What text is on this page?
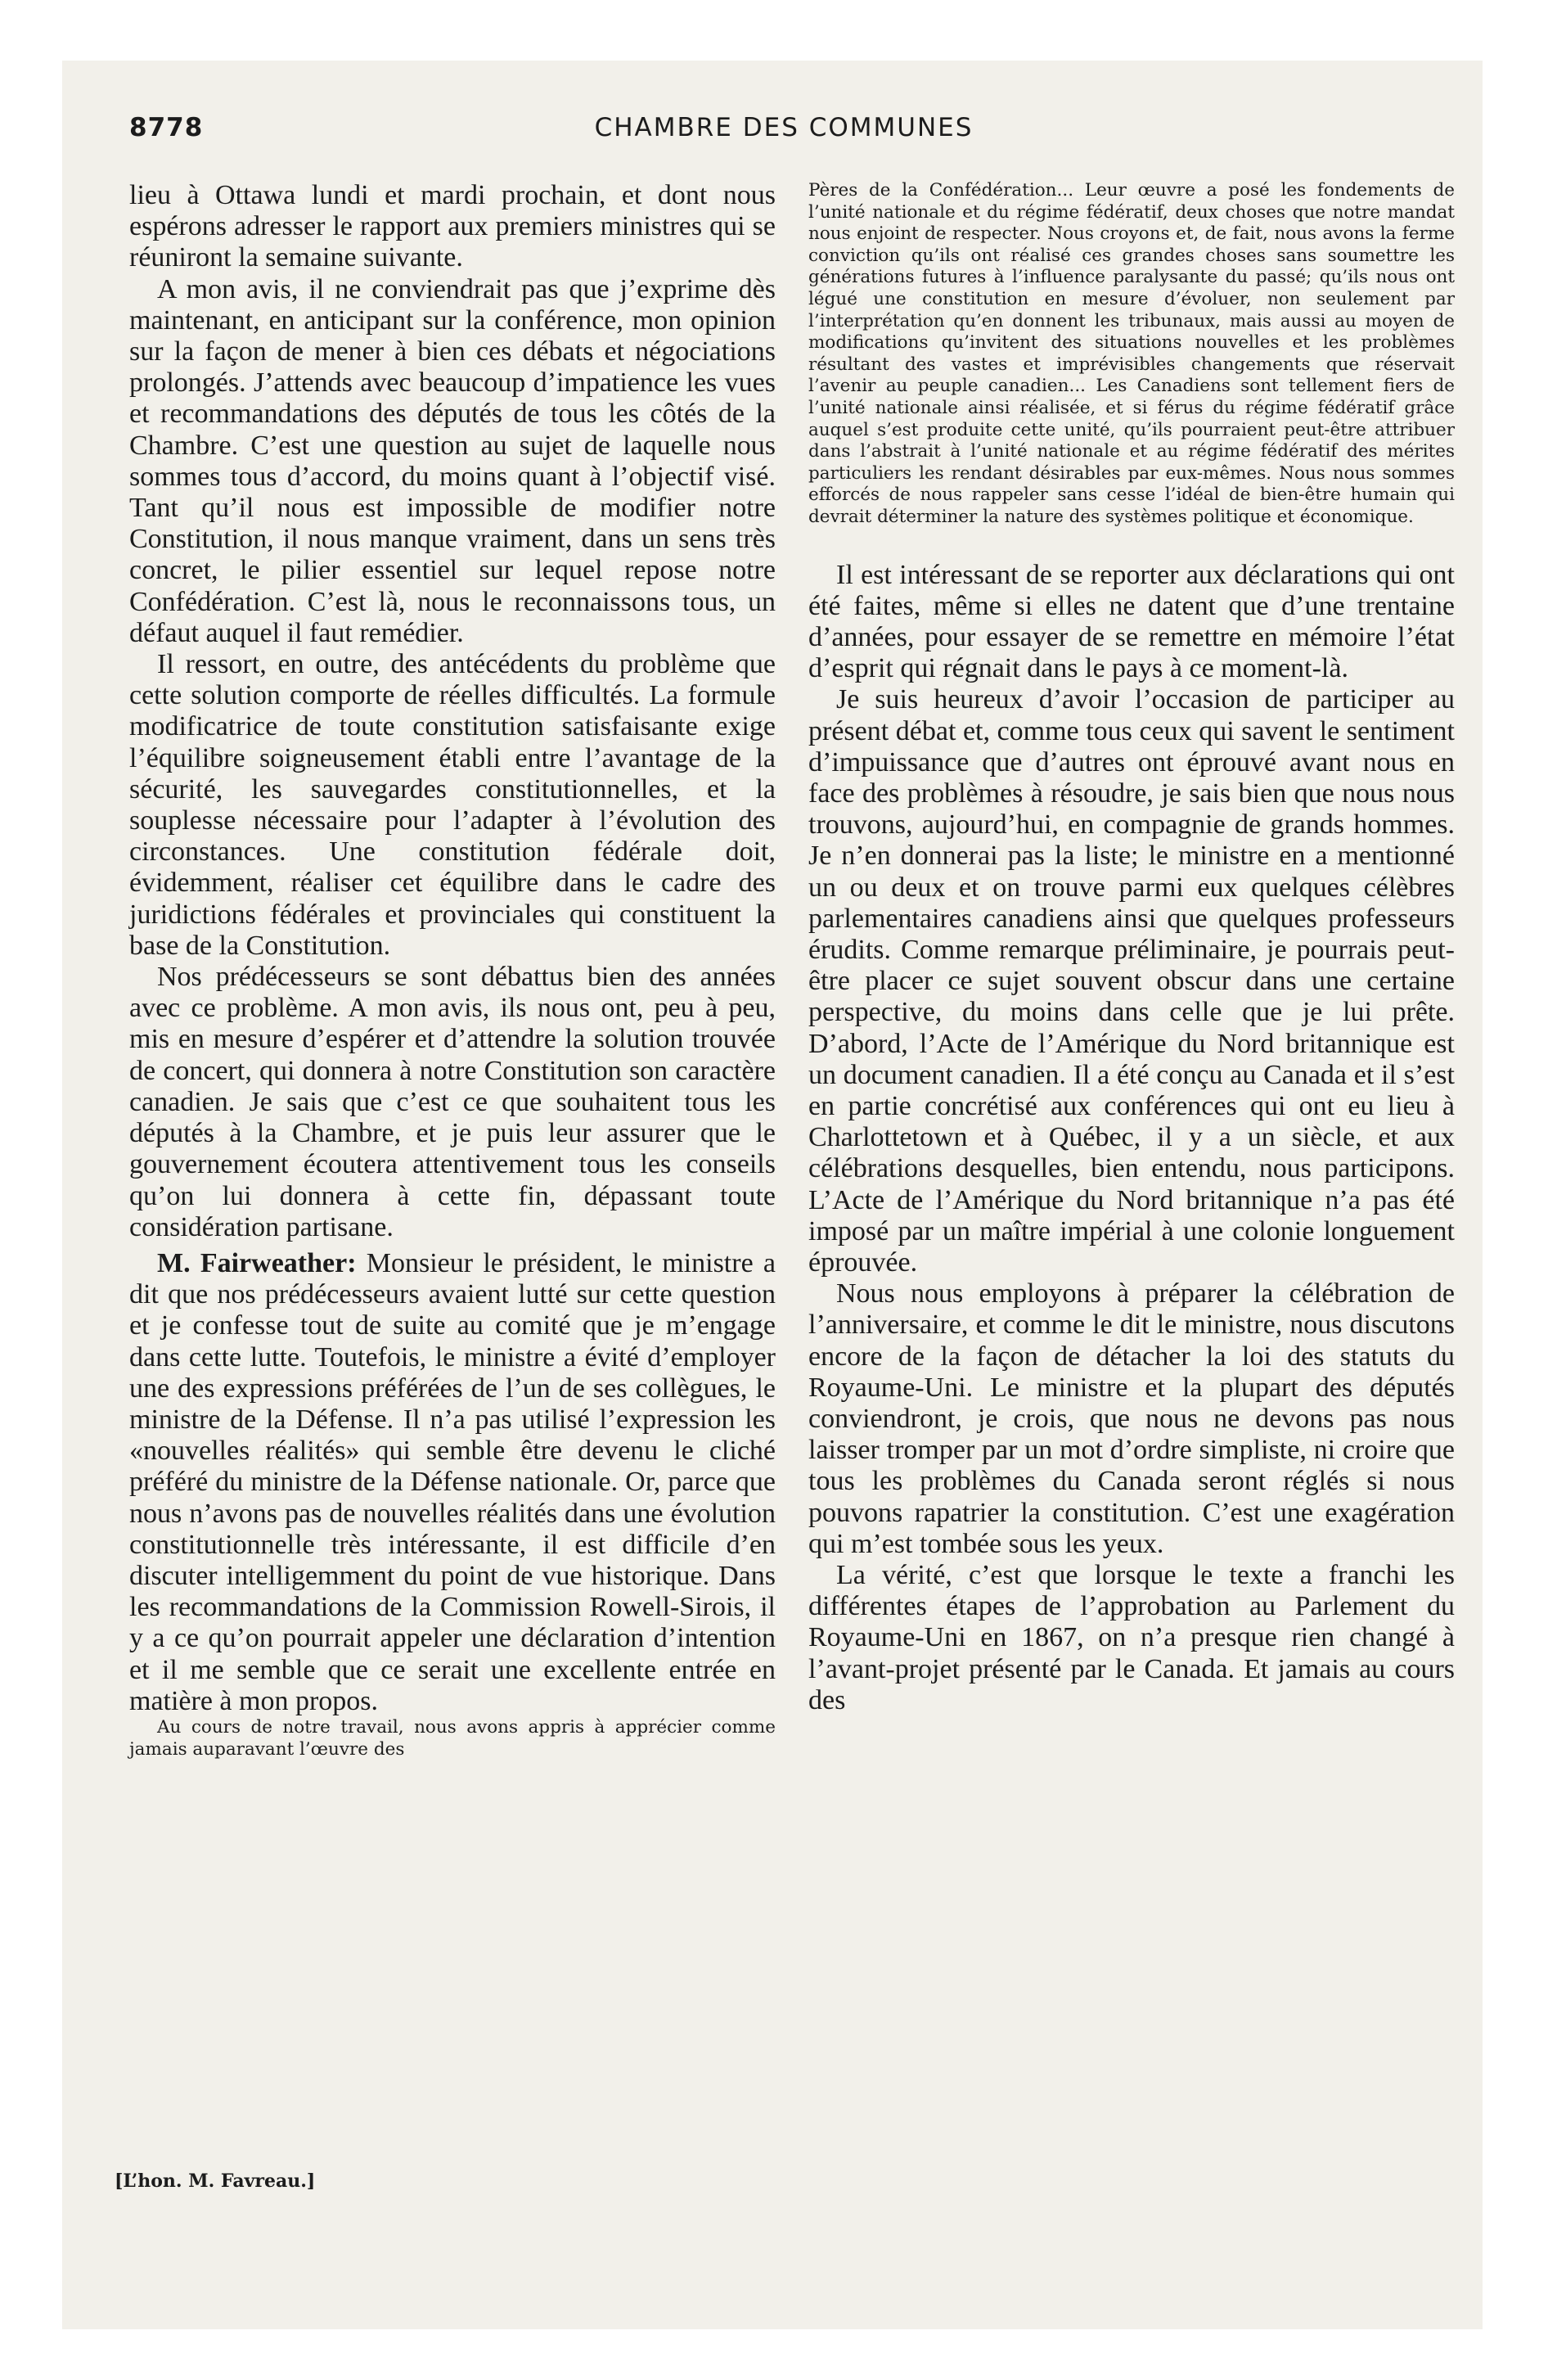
8778	CHAMBRE DES COMMUNES

lieu à Ottawa lundi et mardi prochain, et dont nous espérons adresser le rapport aux premiers ministres qui se réuniront la semaine suivante.

A mon avis, il ne conviendrait pas que j’exprime dès maintenant, en anticipant sur la conférence, mon opinion sur la façon de mener à bien ces débats et négociations prolongés. J’attends avec beaucoup d’impatience les vues et recommandations des députés de tous les côtés de la Chambre. C’est une question au sujet de laquelle nous sommes tous d’accord, du moins quant à l’objectif visé. Tant qu’il nous est impossible de modifier notre Constitution, il nous manque vraiment, dans un sens très concret, le pilier essentiel sur lequel repose notre Confédération. C’est là, nous le reconnaissons tous, un défaut auquel il faut remédier.

Il ressort, en outre, des antécédents du problème que cette solution comporte de réelles difficultés. La formule modificatrice de toute constitution satisfaisante exige l’équilibre soigneusement établi entre l’avantage de la sécurité, les sauvegardes constitutionnelles, et la souplesse nécessaire pour l’adapter à l’évolution des circonstances. Une constitution fédérale doit, évidemment, réaliser cet équilibre dans le cadre des juridictions fédérales et provinciales qui constituent la base de la Constitution.

Nos prédécesseurs se sont débattus bien des années avec ce problème. A mon avis, ils nous ont, peu à peu, mis en mesure d’espérer et d’attendre la solution trouvée de concert, qui donnera à notre Constitution son caractère canadien. Je sais que c’est ce que souhaitent tous les députés à la Chambre, et je puis leur assurer que le gouvernement écoutera attentivement tous les conseils qu’on lui donnera à cette fin, dépassant toute considération partisane.

M. Fairweather: Monsieur le président, le ministre a dit que nos prédécesseurs avaient lutté sur cette question et je confesse tout de suite au comité que je m’engage dans cette lutte. Toutefois, le ministre a évité d’employer une des expressions préférées de l’un de ses collègues, le ministre de la Défense. Il n’a pas utilisé l’expression les «nouvelles réalités» qui semble être devenu le cliché préféré du ministre de la Défense nationale. Or, parce que nous n’avons pas de nouvelles réalités dans une évolution constitutionnelle très intéressante, il est difficile d’en discuter intelligemment du point de vue historique. Dans les recommandations de la Commission Rowell-Sirois, il y a ce qu’on pourrait appeler une déclaration d’intention et il me semble que ce serait une excellente entrée en matière à mon propos.

Au cours de notre travail, nous avons appris à apprécier comme jamais auparavant l’œuvre des

Pères de la Confédération... Leur œuvre a posé les fondements de l’unité nationale et du régime fédératif, deux choses que notre mandat nous enjoint de respecter. Nous croyons et, de fait, nous avons la ferme conviction qu’ils ont réalisé ces grandes choses sans soumettre les générations futures à l’influence paralysante du passé; qu’ils nous ont légué une constitution en mesure d’évoluer, non seulement par l’interprétation qu’en donnent les tribunaux, mais aussi au moyen de modifications qu’invitent des situations nouvelles et les problèmes résultant des vastes et imprévisibles changements que réservait l’avenir au peuple canadien... Les Canadiens sont tellement fiers de l’unité nationale ainsi réalisée, et si férus du régime fédératif grâce auquel s’est produite cette unité, qu’ils pourraient peut-être attribuer dans l’abstrait à l’unité nationale et au régime fédératif des mérites particuliers les rendant désirables par eux-mêmes. Nous nous sommes efforcés de nous rappeler sans cesse l’idéal de bien-être humain qui devrait déterminer la nature des systèmes politique et économique.

Il est intéressant de se reporter aux déclarations qui ont été faites, même si elles ne datent que d’une trentaine d’années, pour essayer de se remettre en mémoire l’état d’esprit qui régnait dans le pays à ce moment-là.

Je suis heureux d’avoir l’occasion de participer au présent débat et, comme tous ceux qui savent le sentiment d’impuissance que d’autres ont éprouvé avant nous en face des problèmes à résoudre, je sais bien que nous nous trouvons, aujourd’hui, en compagnie de grands hommes. Je n’en donnerai pas la liste; le ministre en a mentionné un ou deux et on trouve parmi eux quelques célèbres parlementaires canadiens ainsi que quelques professeurs érudits. Comme remarque préliminaire, je pourrais peut-être placer ce sujet souvent obscur dans une certaine perspective, du moins dans celle que je lui prête. D’abord, l’Acte de l’Amérique du Nord britannique est un document canadien. Il a été conçu au Canada et il s’est en partie concrétisé aux conférences qui ont eu lieu à Charlottetown et à Québec, il y a un siècle, et aux célébrations desquelles, bien entendu, nous participons. L’Acte de l’Amérique du Nord britannique n’a pas été imposé par un maître impérial à une colonie longuement éprouvée.

Nous nous employons à préparer la célébration de l’anniversaire, et comme le dit le ministre, nous discutons encore de la façon de détacher la loi des statuts du Royaume-Uni. Le ministre et la plupart des députés conviendront, je crois, que nous ne devons pas nous laisser tromper par un mot d’ordre simpliste, ni croire que tous les problèmes du Canada seront réglés si nous pouvons rapatrier la constitution. C’est une exagération qui m’est tombée sous les yeux.

La vérité, c’est que lorsque le texte a franchi les différentes étapes de l’approbation au Parlement du Royaume-Uni en 1867, on n’a presque rien changé à l’avant-projet présenté par le Canada. Et jamais au cours des

[L’hon. M. Favreau.]
